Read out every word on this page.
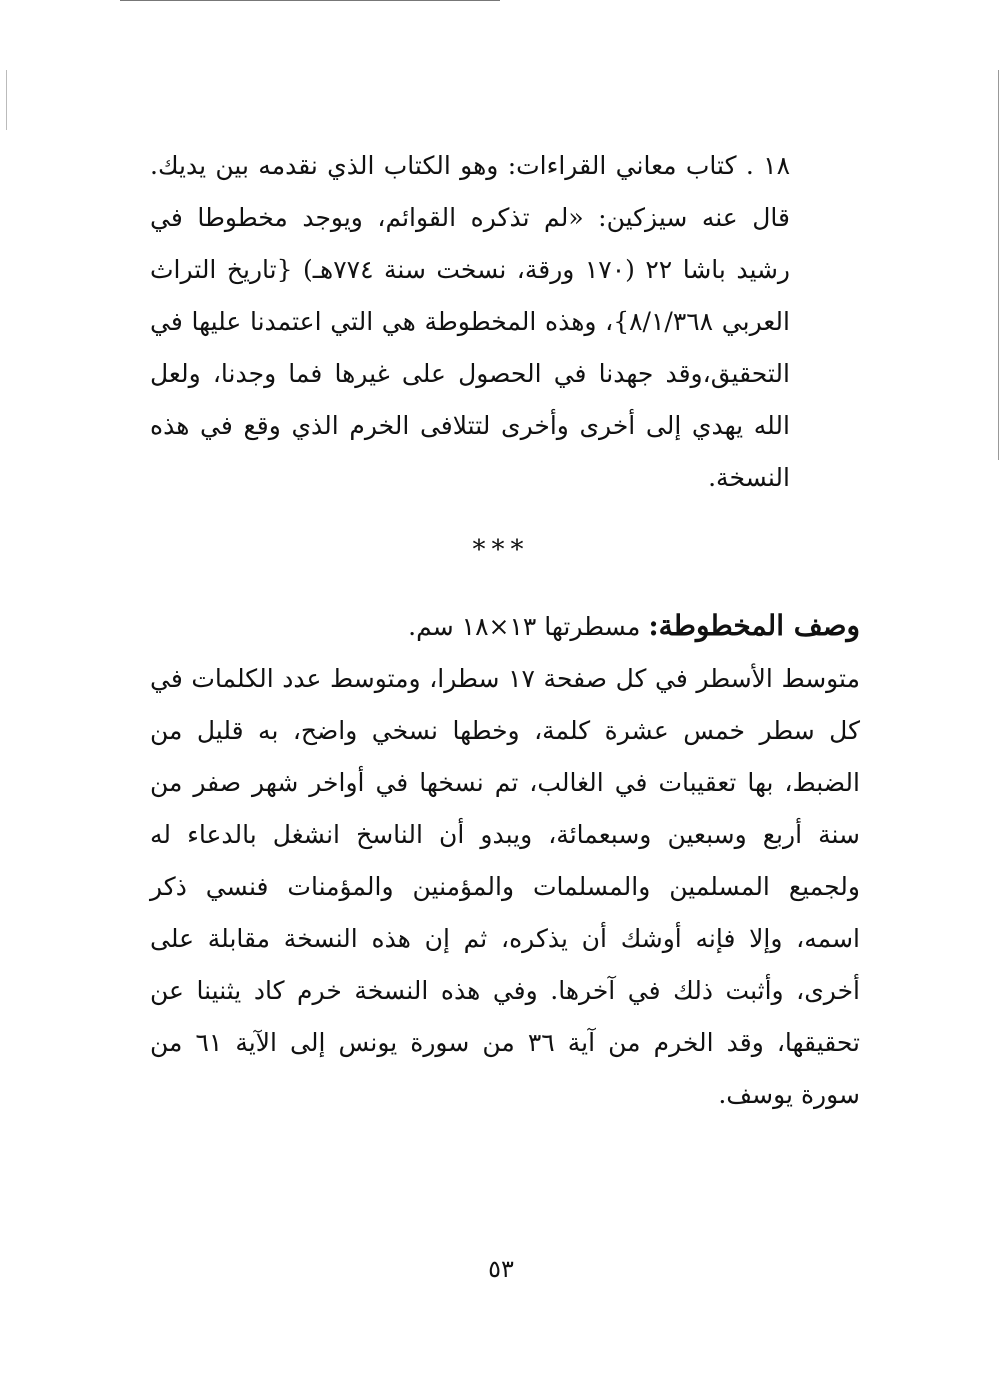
١٨ . كتاب معاني القراءات: وهو الكتاب الذي نقدمه بين يديك. قال عنه سيزكين: «لم تذكره القوائم، ويوجد مخطوطا في رشيد باشا ٢٢ (١٧٠ ورقة، نسخت سنة ٧٧٤هـ) {تاريخ التراث العربي ٨/١/٣٦٨}، وهذه المخطوطة هي التي اعتمدنا عليها في التحقيق،وقد جهدنا في الحصول على غيرها فما وجدنا، ولعل الله يهدي إلى أخرى وأخرى لتتلافى الخرم الذي وقع في هذه النسخة.

***

وصف المخطوطة: مسطرتها ١٣×١٨ سم.

متوسط الأسطر في كل صفحة ١٧ سطرا، ومتوسط عدد الكلمات في كل سطر خمس عشرة كلمة، وخطها نسخي واضح، به قليل من الضبط، بها تعقيبات في الغالب، تم نسخها في أواخر شهر صفر من سنة أربع وسبعين وسبعمائة، ويبدو أن الناسخ انشغل بالدعاء له ولجميع المسلمين والمسلمات والمؤمنين والمؤمنات فنسي ذكر اسمه، وإلا فإنه أوشك أن يذكره، ثم إن هذه النسخة مقابلة على أخرى، وأثبت ذلك في آخرها. وفي هذه النسخة خرم كاد يثنينا عن تحقيقها، وقد الخرم من آية ٣٦ من سورة يونس إلى الآية ٦١ من سورة يوسف.

٥٣
